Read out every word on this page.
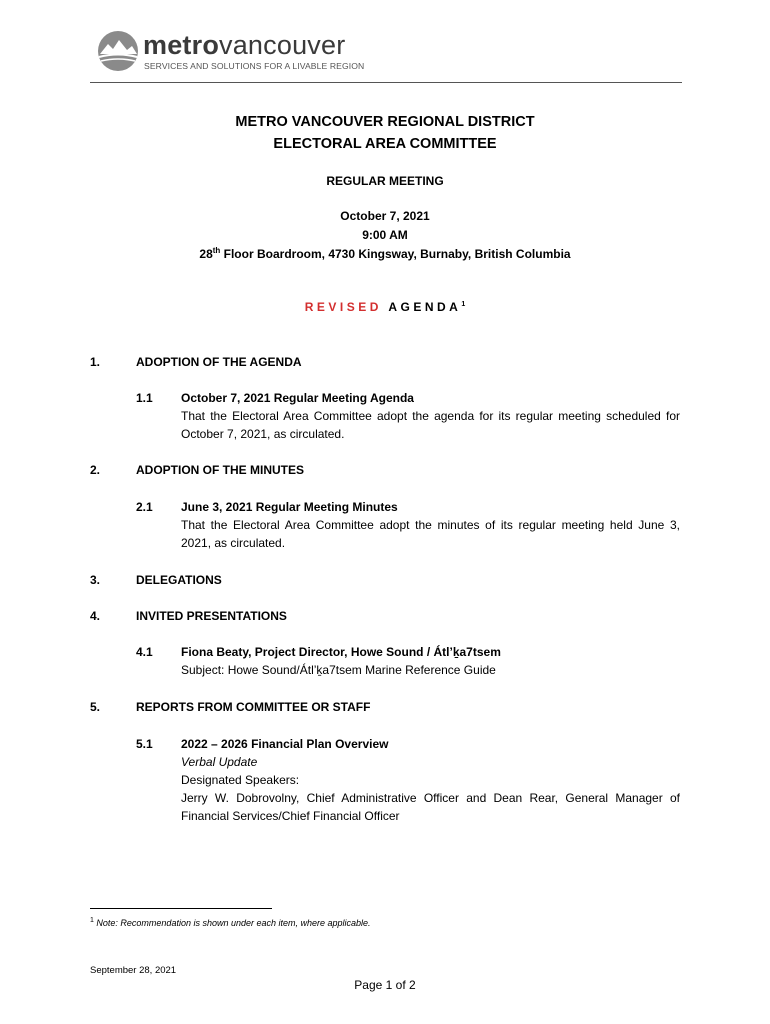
metrovancouver
SERVICES AND SOLUTIONS FOR A LIVABLE REGION
METRO VANCOUVER REGIONAL DISTRICT
ELECTORAL AREA COMMITTEE
REGULAR MEETING
October 7, 2021
9:00 AM
28th Floor Boardroom, 4730 Kingsway, Burnaby, British Columbia
REVISED AGENDA$^1$
1.	ADOPTION OF THE AGENDA
1.1 October 7, 2021 Regular Meeting Agenda
That the Electoral Area Committee adopt the agenda for its regular meeting scheduled for October 7, 2021, as circulated.
2.	ADOPTION OF THE MINUTES
2.1 June 3, 2021 Regular Meeting Minutes
That the Electoral Area Committee adopt the minutes of its regular meeting held June 3, 2021, as circulated.
3.	DELEGATIONS
4.	INVITED PRESENTATIONS
4.1 Fiona Beaty, Project Director, Howe Sound / Átl’ḵa7tsem
Subject: Howe Sound/Átl’ḵa7tsem Marine Reference Guide
5.	REPORTS FROM COMMITTEE OR STAFF
5.1 2022 – 2026 Financial Plan Overview
Verbal Update
Designated Speakers:
Jerry W. Dobrovolny, Chief Administrative Officer and Dean Rear, General Manager of Financial Services/Chief Financial Officer
$^1$ Note: Recommendation is shown under each item, where applicable.
September 28, 2021
Page 1 of 2
